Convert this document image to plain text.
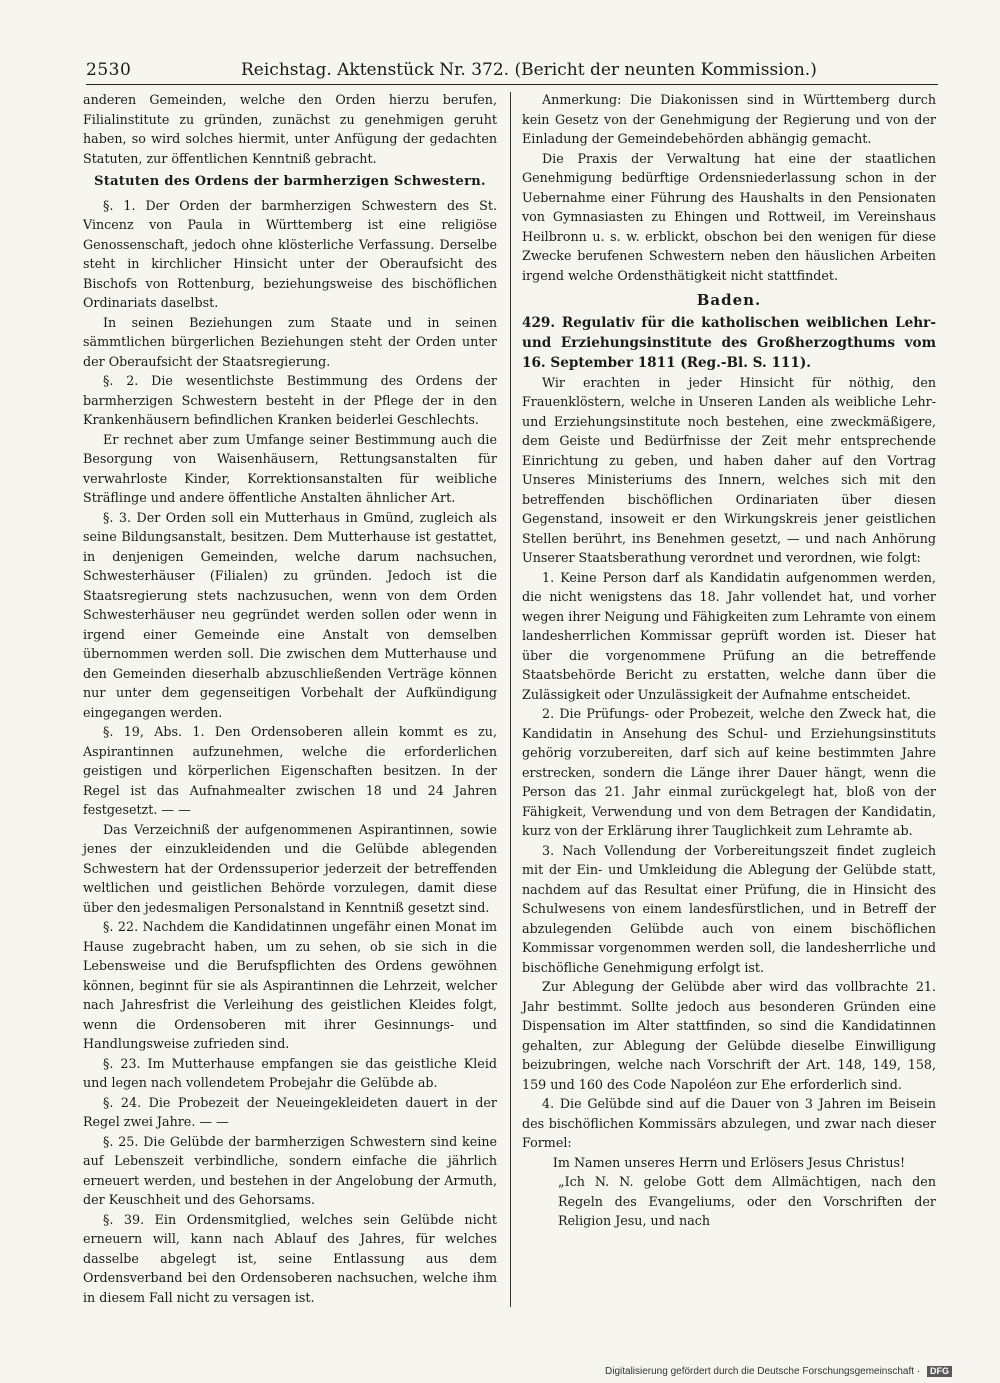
2530	Reichstag. Aktenstück Nr. 372. (Bericht der neunten Kommission.)

anderen Gemeinden, welche den Orden hierzu berufen, Filialinstitute zu gründen, zunächst zu genehmigen geruht haben, so wird solches hiermit, unter Anfügung der gedachten Statuten, zur öffentlichen Kenntniß gebracht.

Statuten des Ordens der barmherzigen Schwestern.

§. 1. Der Orden der barmherzigen Schwestern des St. Vincenz von Paula in Württemberg ist eine religiöse Genossenschaft, jedoch ohne klösterliche Verfassung. Derselbe steht in kirchlicher Hinsicht unter der Oberaufsicht des Bischofs von Rottenburg, beziehungsweise des bischöflichen Ordinariats daselbst.

In seinen Beziehungen zum Staate und in seinen sämmtlichen bürgerlichen Beziehungen steht der Orden unter der Oberaufsicht der Staatsregierung.

§. 2. Die wesentlichste Bestimmung des Ordens der barmherzigen Schwestern besteht in der Pflege der in den Krankenhäusern befindlichen Kranken beiderlei Geschlechts.

Er rechnet aber zum Umfange seiner Bestimmung auch die Besorgung von Waisenhäusern, Rettungsanstalten für verwahrloste Kinder, Korrektionsanstalten für weibliche Sträflinge und andere öffentliche Anstalten ähnlicher Art.

§. 3. Der Orden soll ein Mutterhaus in Gmünd, zugleich als seine Bildungsanstalt, besitzen. Dem Mutterhause ist gestattet, in denjenigen Gemeinden, welche darum nachsuchen, Schwesterhäuser (Filialen) zu gründen. Jedoch ist die Staatsregierung stets nachzusuchen, wenn von dem Orden Schwesterhäuser neu gegründet werden sollen oder wenn in irgend einer Gemeinde eine Anstalt von demselben übernommen werden soll. Die zwischen dem Mutterhause und den Gemeinden dieserhalb abzuschließenden Verträge können nur unter dem gegenseitigen Vorbehalt der Aufkündigung eingegangen werden.

§. 19, Abs. 1. Den Ordensoberen allein kommt es zu, Aspirantinnen aufzunehmen, welche die erforderlichen geistigen und körperlichen Eigenschaften besitzen. In der Regel ist das Aufnahmealter zwischen 18 und 24 Jahren festgesetzt. — —

Das Verzeichniß der aufgenommenen Aspirantinnen, sowie jenes der einzukleidenden und die Gelübde ablegenden Schwestern hat der Ordenssuperior jederzeit der betreffenden weltlichen und geistlichen Behörde vorzulegen, damit diese über den jedesmaligen Personalstand in Kenntniß gesetzt sind.

§. 22. Nachdem die Kandidatinnen ungefähr einen Monat im Hause zugebracht haben, um zu sehen, ob sie sich in die Lebensweise und die Berufspflichten des Ordens gewöhnen können, beginnt für sie als Aspirantinnen die Lehrzeit, welcher nach Jahresfrist die Verleihung des geistlichen Kleides folgt, wenn die Ordensoberen mit ihrer Gesinnungs- und Handlungsweise zufrieden sind.

§. 23. Im Mutterhause empfangen sie das geistliche Kleid und legen nach vollendetem Probejahr die Gelübde ab.

§. 24. Die Probezeit der Neueingekleideten dauert in der Regel zwei Jahre. — —

§. 25. Die Gelübde der barmherzigen Schwestern sind keine auf Lebenszeit verbindliche, sondern einfache die jährlich erneuert werden, und bestehen in der Angelobung der Armuth, der Keuschheit und des Gehorsams.

§. 39. Ein Ordensmitglied, welches sein Gelübde nicht erneuern will, kann nach Ablauf des Jahres, für welches dasselbe abgelegt ist, seine Entlassung aus dem Ordensverband bei den Ordensoberen nachsuchen, welche ihm in diesem Fall nicht zu versagen ist.

Anmerkung: Die Diakonissen sind in Württemberg durch kein Gesetz von der Genehmigung der Regierung und von der Einladung der Gemeindebehörden abhängig gemacht.

Die Praxis der Verwaltung hat eine der staatlichen Genehmigung bedürftige Ordensniederlassung schon in der Uebernahme einer Führung des Haushalts in den Pensionaten von Gymnasiasten zu Ehingen und Rottweil, im Vereinshaus Heilbronn u. s. w. erblickt, obschon bei den wenigen für diese Zwecke berufenen Schwestern neben den häuslichen Arbeiten irgend welche Ordensthätigkeit nicht stattfindet.

Baden.

429. Regulativ für die katholischen weiblichen Lehr- und Erziehungsinstitute des Großherzogthums vom 16. September 1811 (Reg.-Bl. S. 111).

Wir erachten in jeder Hinsicht für nöthig, den Frauenklöstern, welche in Unseren Landen als weibliche Lehr- und Erziehungsinstitute noch bestehen, eine zweckmäßigere, dem Geiste und Bedürfnisse der Zeit mehr entsprechende Einrichtung zu geben, und haben daher auf den Vortrag Unseres Ministeriums des Innern, welches sich mit den betreffenden bischöflichen Ordinariaten über diesen Gegenstand, insoweit er den Wirkungskreis jener geistlichen Stellen berührt, ins Benehmen gesetzt, — und nach Anhörung Unserer Staatsberathung verordnet und verordnen, wie folgt:

1. Keine Person darf als Kandidatin aufgenommen werden, die nicht wenigstens das 18. Jahr vollendet hat, und vorher wegen ihrer Neigung und Fähigkeiten zum Lehramte von einem landesherrlichen Kommissar geprüft worden ist. Dieser hat über die vorgenommene Prüfung an die betreffende Staatsbehörde Bericht zu erstatten, welche dann über die Zulässigkeit oder Unzulässigkeit der Aufnahme entscheidet.

2. Die Prüfungs- oder Probezeit, welche den Zweck hat, die Kandidatin in Ansehung des Schul- und Erziehungsinstituts gehörig vorzubereiten, darf sich auf keine bestimmten Jahre erstrecken, sondern die Länge ihrer Dauer hängt, wenn die Person das 21. Jahr einmal zurückgelegt hat, bloß von der Fähigkeit, Verwendung und von dem Betragen der Kandidatin, kurz von der Erklärung ihrer Tauglichkeit zum Lehramte ab.

3. Nach Vollendung der Vorbereitungszeit findet zugleich mit der Ein- und Umkleidung die Ablegung der Gelübde statt, nachdem auf das Resultat einer Prüfung, die in Hinsicht des Schulwesens von einem landesfürstlichen, und in Betreff der abzulegenden Gelübde auch von einem bischöflichen Kommissar vorgenommen werden soll, die landesherrliche und bischöfliche Genehmigung erfolgt ist.

Zur Ablegung der Gelübde aber wird das vollbrachte 21. Jahr bestimmt. Sollte jedoch aus besonderen Gründen eine Dispensation im Alter stattfinden, so sind die Kandidatinnen gehalten, zur Ablegung der Gelübde dieselbe Einwilligung beizubringen, welche nach Vorschrift der Art. 148, 149, 158, 159 und 160 des Code Napoléon zur Ehe erforderlich sind.

4. Die Gelübde sind auf die Dauer von 3 Jahren im Beisein des bischöflichen Kommissärs abzulegen, und zwar nach dieser Formel:

Im Namen unseres Herrn und Erlösers Jesus Christus!

„Ich N. N. gelobe Gott dem Allmächtigen, nach den Regeln des Evangeliums, oder den Vorschriften der Religion Jesu, und nach

Digitalisierung gefördert durch die Deutsche Forschungsgemeinschaft · DFG
